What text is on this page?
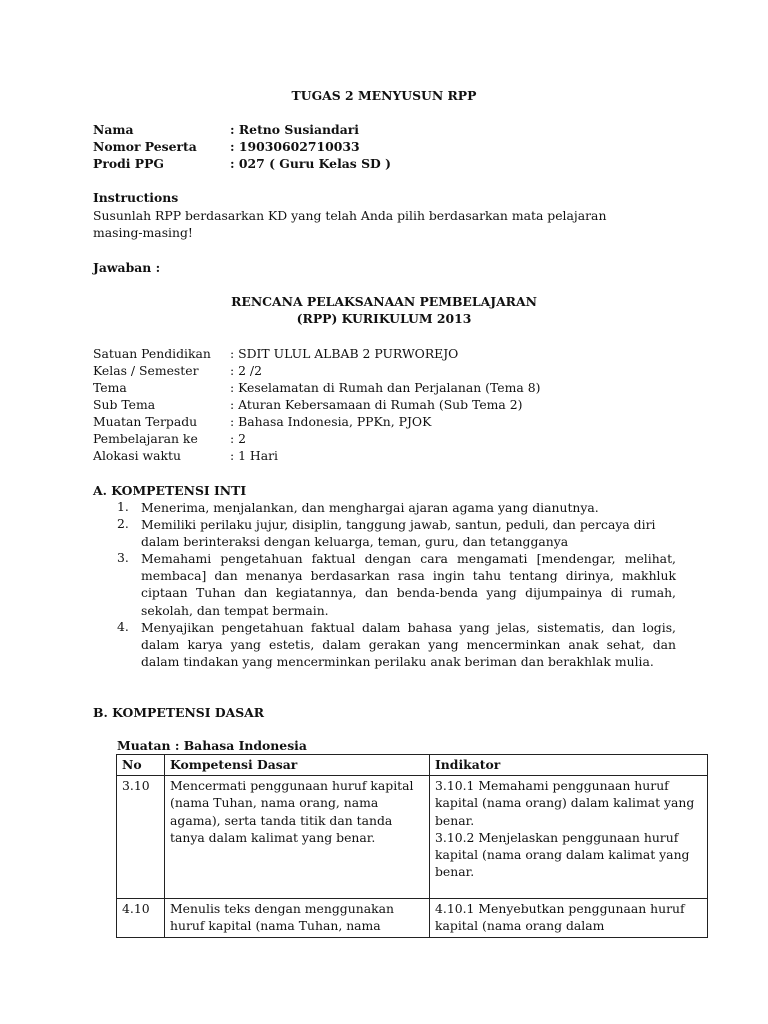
TUGAS 2 MENYUSUN RPP
Nama	: Retno Susiandari
Nomor Peserta	: 19030602710033
Prodi PPG	: 027 ( Guru Kelas SD )
Instructions
Susunlah RPP berdasarkan KD yang telah Anda pilih berdasarkan mata pelajaran masing-masing!
Jawaban :
RENCANA PELAKSANAAN PEMBELAJARAN
(RPP) KURIKULUM 2013
Satuan Pendidikan : SDIT ULUL ALBAB 2 PURWOREJO
Kelas / Semester	: 2 /2
Tema	: Keselamatan di Rumah dan Perjalanan (Tema 8)
Sub Tema	: Aturan Kebersamaan di Rumah (Sub Tema 2)
Muatan Terpadu	: Bahasa Indonesia, PPKn, PJOK
Pembelajaran ke	: 2
Alokasi waktu	: 1 Hari
A. KOMPETENSI INTI
1. Menerima, menjalankan, dan menghargai ajaran agama yang dianutnya.
2. Memiliki perilaku jujur, disiplin, tanggung jawab, santun, peduli, dan percaya diri dalam berinteraksi dengan keluarga, teman, guru, dan tetangganya
3. Memahami pengetahuan faktual dengan cara mengamati [mendengar, melihat, membaca] dan menanya berdasarkan rasa ingin tahu tentang dirinya, makhluk ciptaan Tuhan dan kegiatannya, dan benda-benda yang dijumpainya di rumah, sekolah, dan tempat bermain.
4. Menyajikan pengetahuan faktual dalam bahasa yang jelas, sistematis, dan logis, dalam karya yang estetis, dalam gerakan yang mencerminkan anak sehat, dan dalam tindakan yang mencerminkan perilaku anak beriman dan berakhlak mulia.
B. KOMPETENSI DASAR
Muatan : Bahasa Indonesia
No	Kompetensi Dasar	Indikator
3.10	Mencermati penggunaan huruf kapital (nama Tuhan, nama orang, nama agama), serta tanda titik dan tanda tanya dalam kalimat yang benar.	3.10.1 Memahami penggunaan huruf kapital (nama orang) dalam kalimat yang benar.
3.10.2 Menjelaskan penggunaan huruf kapital (nama orang dalam kalimat yang benar.

4.10	Menulis teks dengan menggunakan huruf kapital (nama Tuhan, nama	4.10.1 Menyebutkan penggunaan huruf kapital (nama orang dalam
